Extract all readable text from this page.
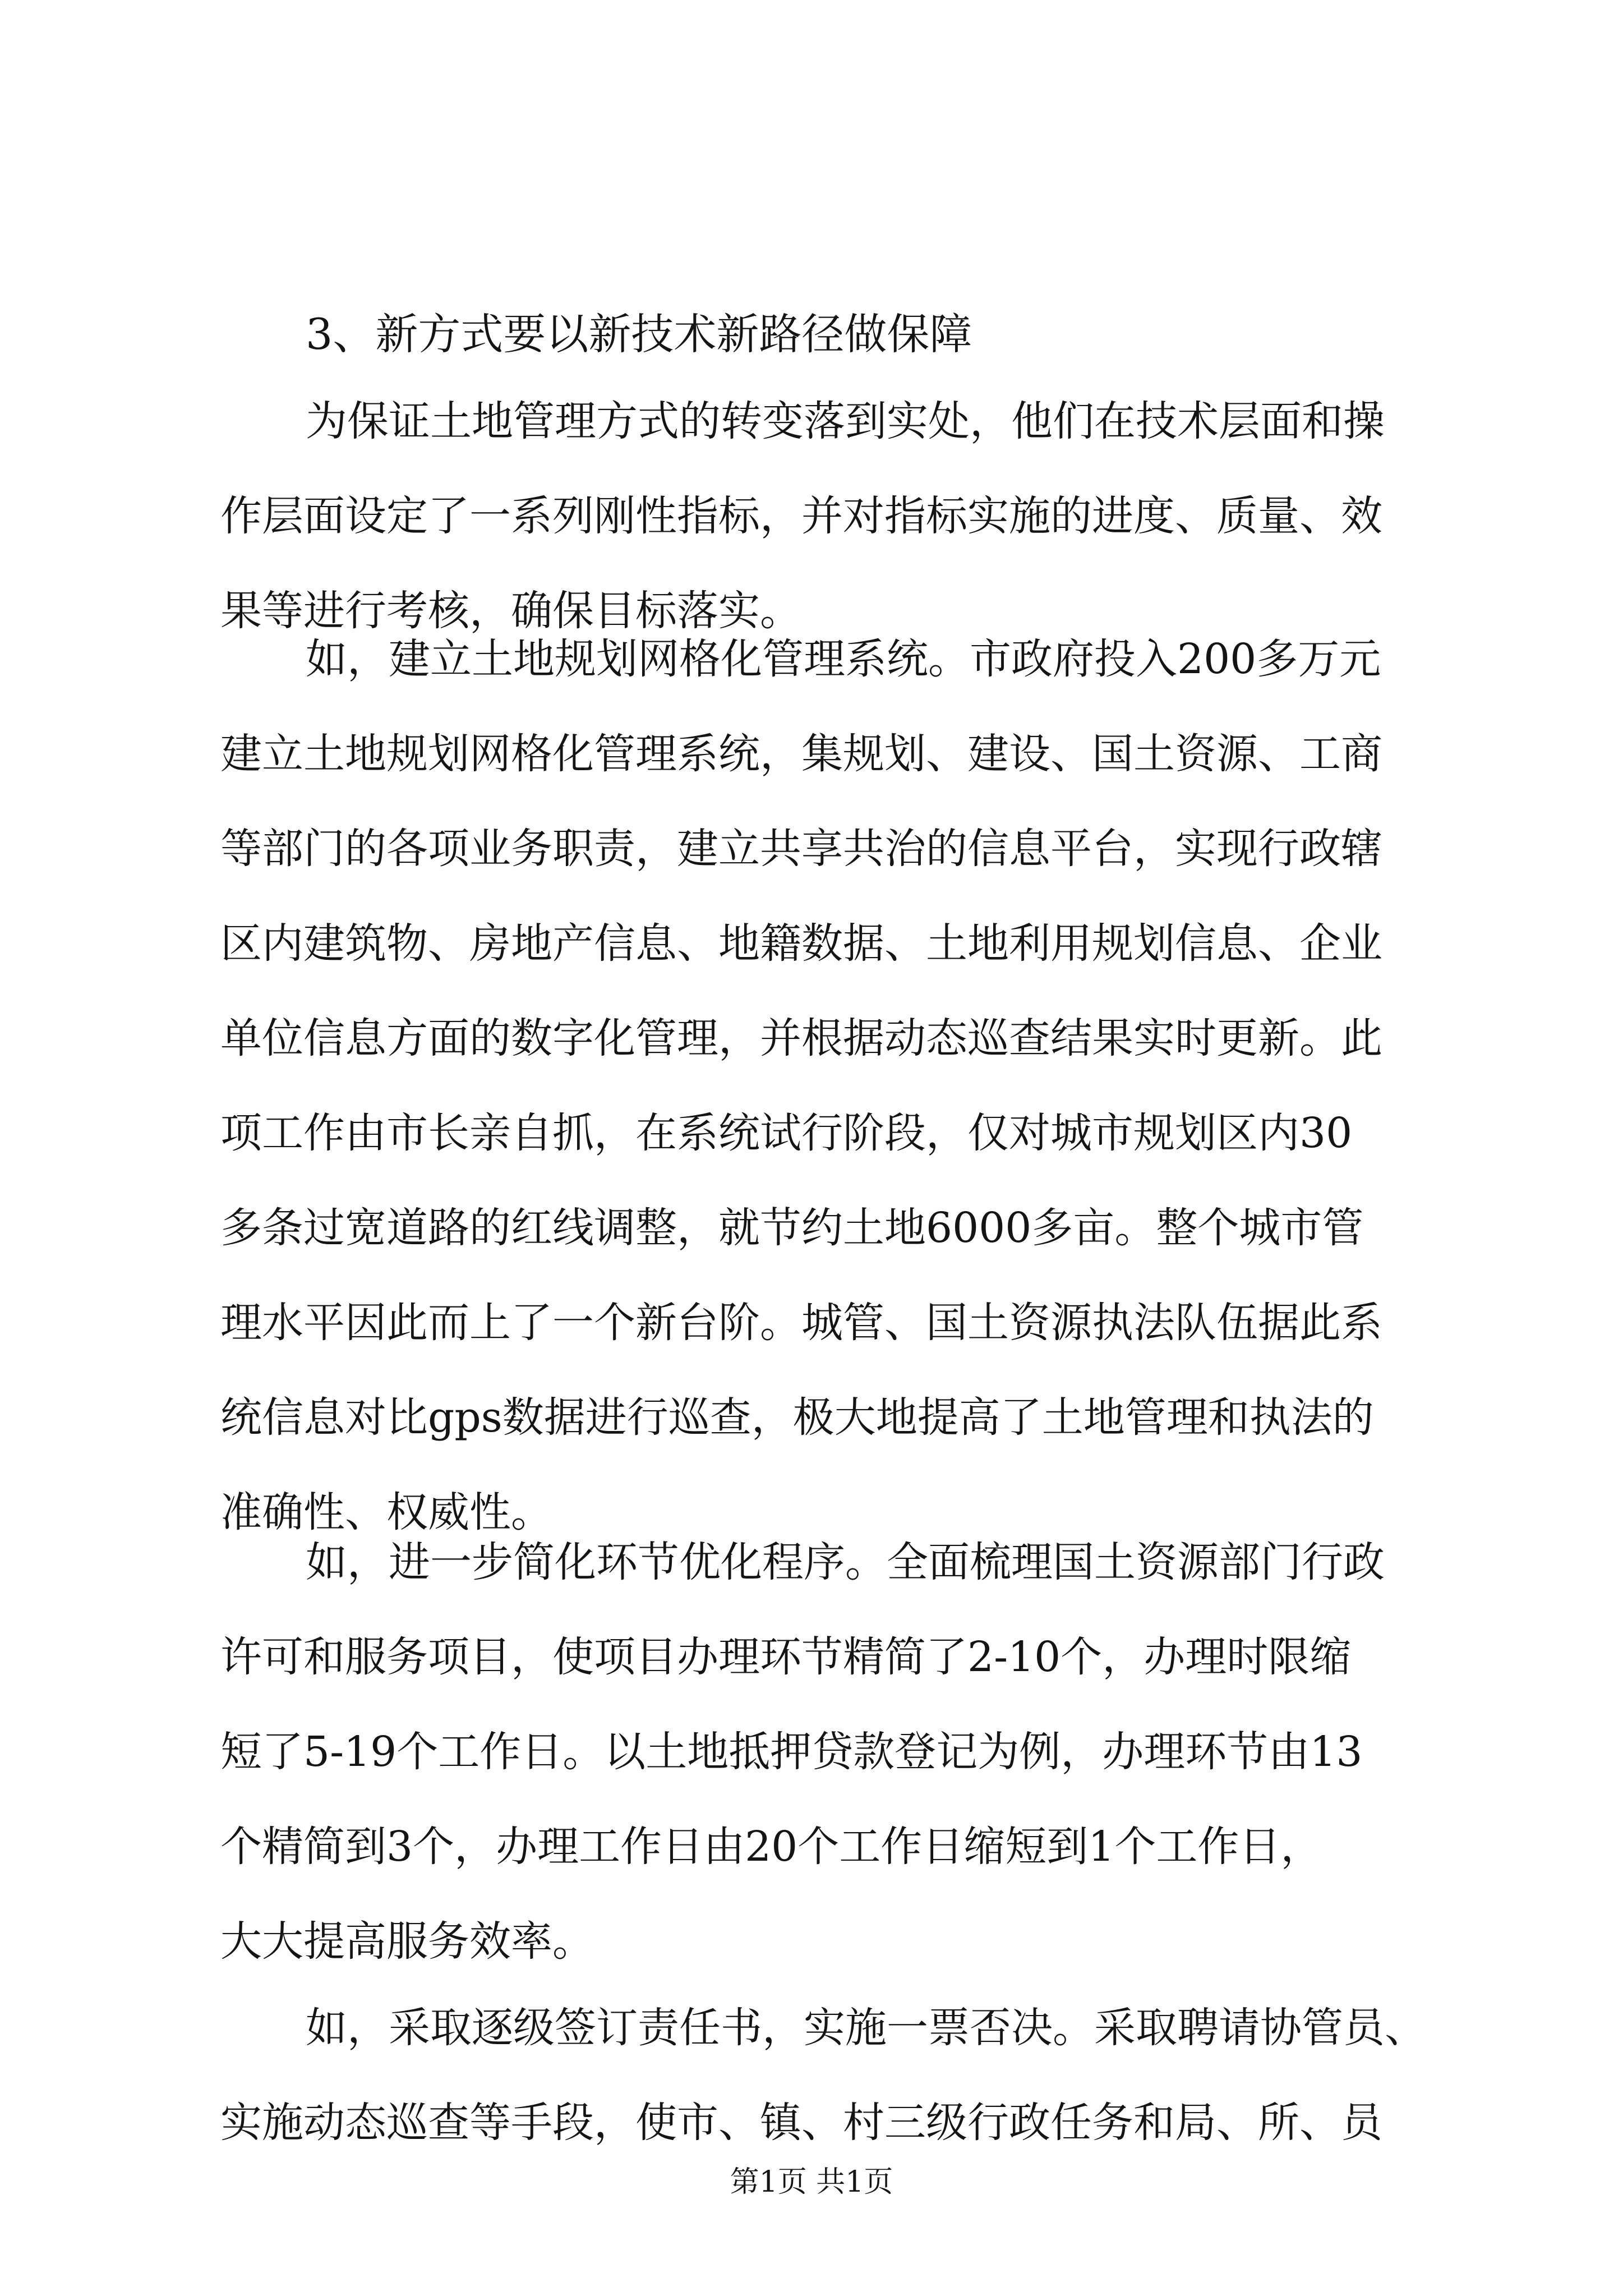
3、新方式要以新技术新路径做保障
为保证土地管理方式的转变落到实处，他们在技术层面和操
作层面设定了一系列刚性指标，并对指标实施的进度、质量、效
果等进行考核，确保目标落实。
如，建立土地规划网格化管理系统。市政府投入200多万元
建立土地规划网格化管理系统，集规划、建设、国土资源、工商
等部门的各项业务职责，建立共享共治的信息平台，实现行政辖
区内建筑物、房地产信息、地籍数据、土地利用规划信息、企业
单位信息方面的数字化管理，并根据动态巡查结果实时更新。此
项工作由市长亲自抓，在系统试行阶段，仅对城市规划区内30
多条过宽道路的红线调整，就节约土地6000多亩。整个城市管
理水平因此而上了一个新台阶。城管、国土资源执法队伍据此系
统信息对比gps数据进行巡查，极大地提高了土地管理和执法的
准确性、权威性。
如，进一步简化环节优化程序。全面梳理国土资源部门行政
许可和服务项目，使项目办理环节精简了2-10个，办理时限缩
短了5-19个工作日。以土地抵押贷款登记为例，办理环节由13
个精简到3个，办理工作日由20个工作日缩短到1个工作日，
大大提高服务效率。
如，采取逐级签订责任书，实施一票否决。采取聘请协管员、
实施动态巡查等手段，使市、镇、村三级行政任务和局、所、员
第1页 共1页
